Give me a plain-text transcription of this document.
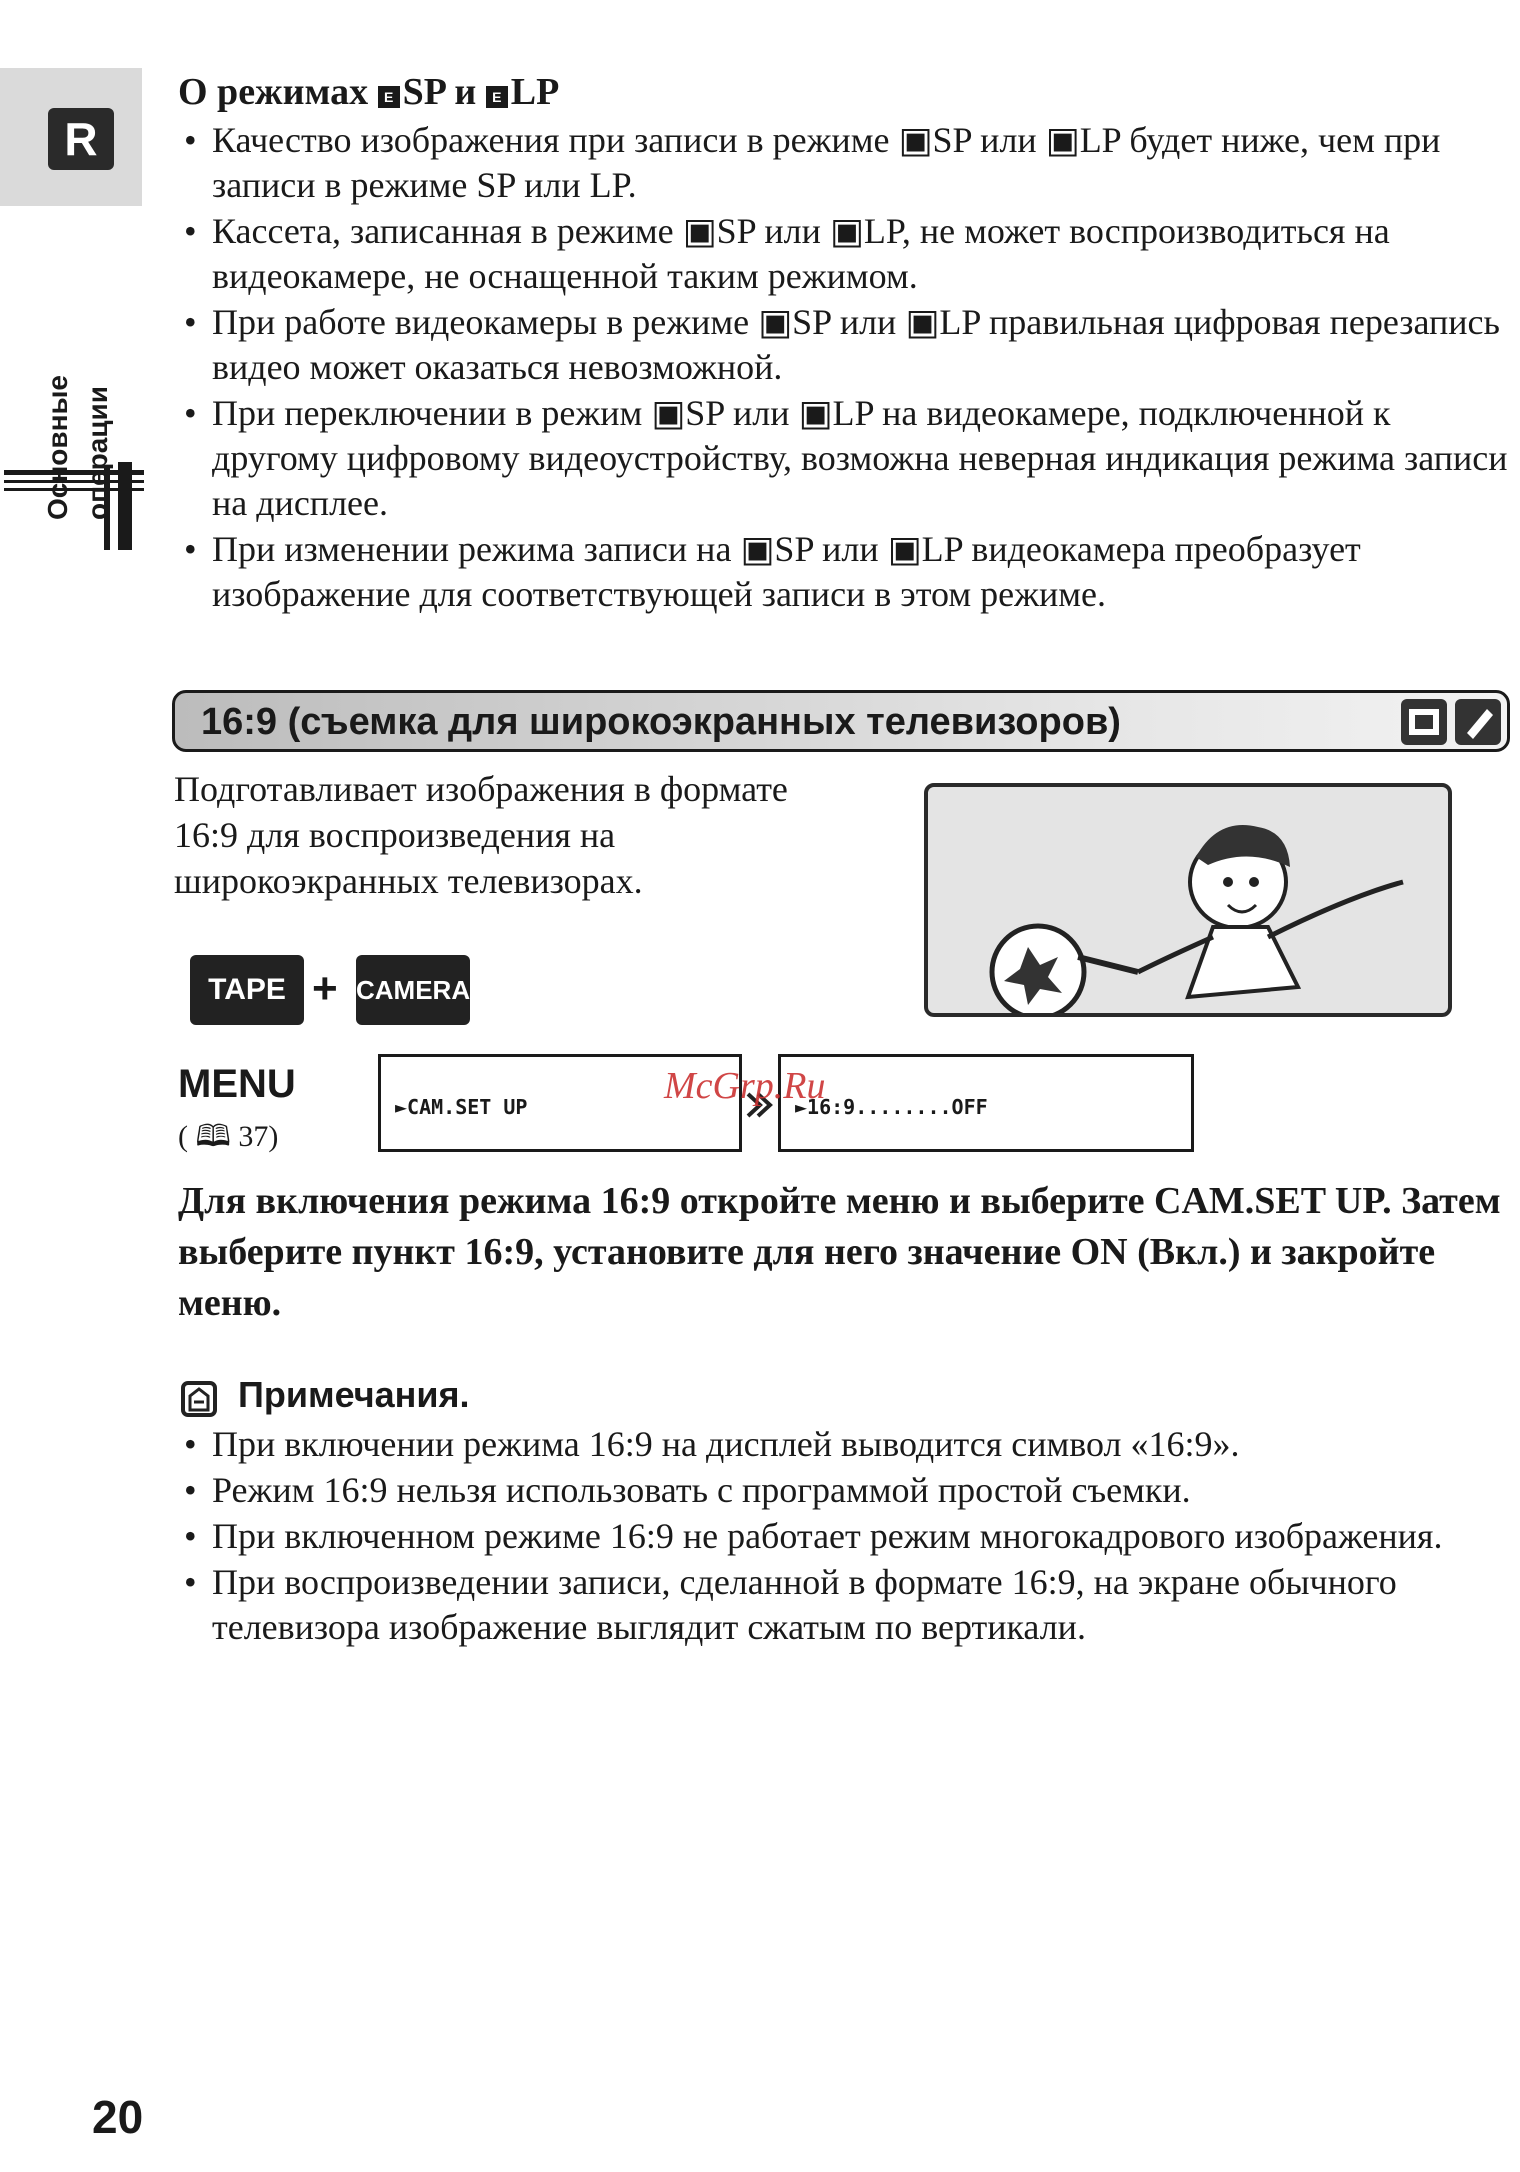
R
Основные операции
О режимах E SP и E LP
• Качество изображения при записи в режиме ▣SP или ▣LP будет ниже, чем при записи в режиме SP или LP.
• Кассета, записанная в режиме ▣SP или ▣LP, не может воспроизводиться на видеокамере, не оснащенной таким режимом.
• При работе видеокамеры в режиме ▣SP или ▣LP правильная цифровая перезапись видео может оказаться невозможной.
• При переключении в режим ▣SP или ▣LP на видеокамере, подключенной к другому цифровому видеоустройству, возможна неверная индикация режима записи на дисплее.
• При изменении режима записи на ▣SP или ▣LP видеокамера преобразует изображение для соответствующей записи в этом режиме.
16:9 (съемка для широкоэкранных телевизоров)
Подготавливает изображения в формате 16:9 для воспроизведения на широкоэкранных телевизорах.
TAPE + CAMERA
MENU
( 🕮 37)
►CAM.SET UP	►16:9........OFF
McGrp.Ru
Для включения режима 16:9 откройте меню и выберите CAM.SET UP. Затем выберите пункт 16:9, установите для него значение ON (Вкл.) и закройте меню.
Примечания.
• При включении режима 16:9 на дисплей выводится символ «16:9».
• Режим 16:9 нельзя использовать с программой простой съемки.
• При включенном режиме 16:9 не работает режим многокадрового изображения.
• При воспроизведении записи, сделанной в формате 16:9, на экране обычного телевизора изображение выглядит сжатым по вертикали.
20
